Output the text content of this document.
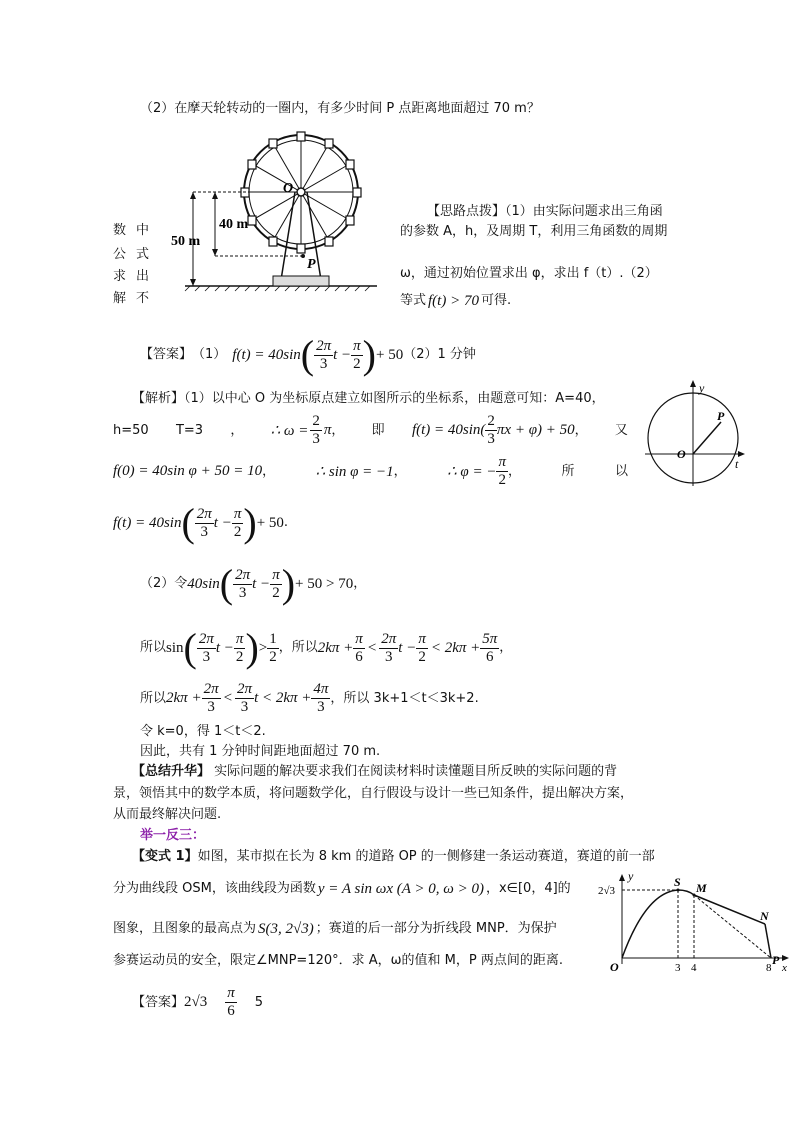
（2）在摩天轮转动的一圈内，有多少时间 P 点距离地面超过 70 m？
40 m
50 m
O
P
数 中
公 式
求 出
解 不
【思路点拨】（1）由实际问题求出三角函
的参数 A，h，及周期 T，利用三角函数的周期
ω，通过初始位置求出 φ，求出 f（t）.（2）
等式 f(t) > 70 可得.
【答案】 （1） f(t) = 40sin ( $\frac{2\pi}{3}$ $t - \frac{\pi}{2}$ ) + 50 （2）1 分钟
【解析】（1）以中心 O 为坐标原点建立如图所示的坐标系，由题意可知：A=40，
h=50 T=3 ， ∴ $\omega = \frac{2}{3}$ π ， 即 $f(t) = 40\sin( \frac{2}{3}$ πx + φ) + 50 ， 又
f(0) = 40sin φ + 50 = 10 ，	∴ sin φ = −1 ，	∴ φ = − $\frac{\pi}{2}$ ，	所	以
f(t) = 40sin ( $\frac{2\pi}{3}$ $t - \frac{\pi}{2}$ ) + 50 .
y
P
O
t
（2）令 40sin ( $\frac{2\pi}{3}$ $t - \frac{\pi}{2}$ ) + 50 > 70 ，
所以 sin ( $\frac{2\pi}{3}$ $t - \frac{\pi}{2}$ ) > $\frac{1}{2}$ ，所以 $2k\pi + \frac{\pi}{6} < \frac{2\pi}{3}$ $t - \frac{\pi}{2} < 2k\pi + \frac{5\pi}{6}$ ，
所以 $2k\pi + \frac{2\pi}{3} < \frac{2\pi}{3}$ $t < 2k\pi + \frac{4\pi}{3}$ ，所以 3k+1＜t＜3k+2.
令 k=0，得 1＜t＜2.
因此，共有 1 分钟时间距地面超过 70 m.
【总结升华】 实际问题的解决要求我们在阅读材料时读懂题目所反映的实际问题的背
景，领悟其中的数学本质，将问题数学化，自行假设与设计一些已知条件，提出解决方案，
从而最终解决问题.
举一反三：
【变式 1】如图，某市拟在长为 8 km 的道路 OP 的一侧修建一条运动赛道，赛道的前一部
分为曲线段 OSM，该曲线段为函数 y = A sin ωx (A > 0, ω > 0) ，x∈[0，4]的
图象，且图象的最高点为 S(3, 2√3) ；赛道的后一部分为折线段 MNP．为保护
参赛运动员的安全，限定∠MNP=120°．求 A，ω的值和 M，P 两点间的距离.
y
2√3
S M
N
P
O	3 4	8 x
【答案】 $2√3 \frac{\pi}{6} 5$
